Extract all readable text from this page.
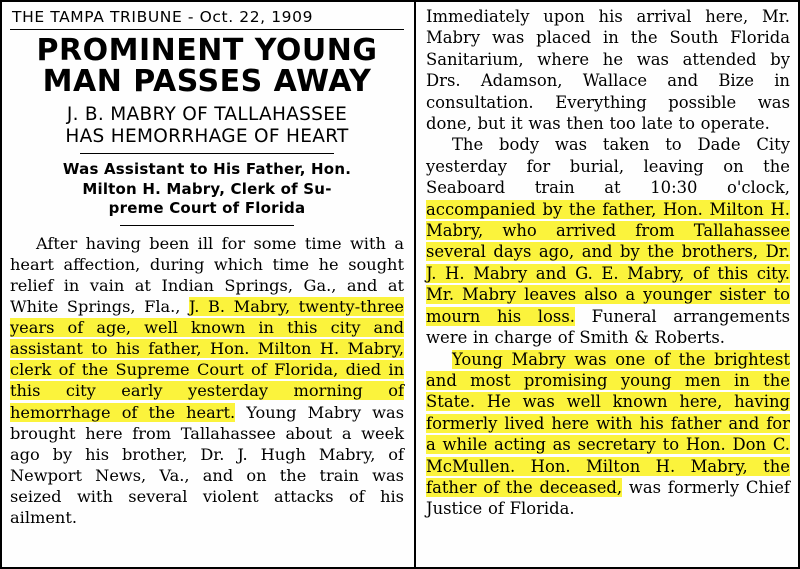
THE TAMPA TRIBUNE - Oct. 22, 1909
PROMINENT YOUNG
MAN PASSES AWAY
J. B. MABRY OF TALLAHASSEE
HAS HEMORRHAGE OF HEART
Was Assistant to His Father, Hon.
Milton H. Mabry, Clerk of Su-
preme Court of Florida

After having been ill for some time with a heart affection, during which time he sought relief in vain at Indian Springs, Ga., and at White Springs, Fla., J. B. Mabry, twenty-three years of age, well known in this city and assistant to his father, Hon. Milton H. Mabry, clerk of the Supreme Court of Florida, died in this city early yesterday morning of hemorrhage of the heart. Young Mabry was brought here from Tallahassee about a week ago by his brother, Dr. J. Hugh Mabry, of Newport News, Va., and on the train was seized with several violent attacks of his ailment.

Immediately upon his arrival here, Mr. Mabry was placed in the South Florida Sanitarium, where he was attended by Drs. Adamson, Wallace and Bize in consultation. Everything possible was done, but it was then too late to operate.

The body was taken to Dade City yesterday for burial, leaving on the Seaboard train at 10:30 o'clock, accompanied by the father, Hon. Milton H. Mabry, who arrived from Tallahassee several days ago, and by the brothers, Dr. J. H. Mabry and G. E. Mabry, of this city. Mr. Mabry leaves also a younger sister to mourn his loss. Funeral arrangements were in charge of Smith & Roberts.

Young Mabry was one of the brightest and most promising young men in the State. He was well known here, having formerly lived here with his father and for a while acting as secretary to Hon. Don C. McMullen. Hon. Milton H. Mabry, the father of the deceased, was formerly Chief Justice of Florida.
